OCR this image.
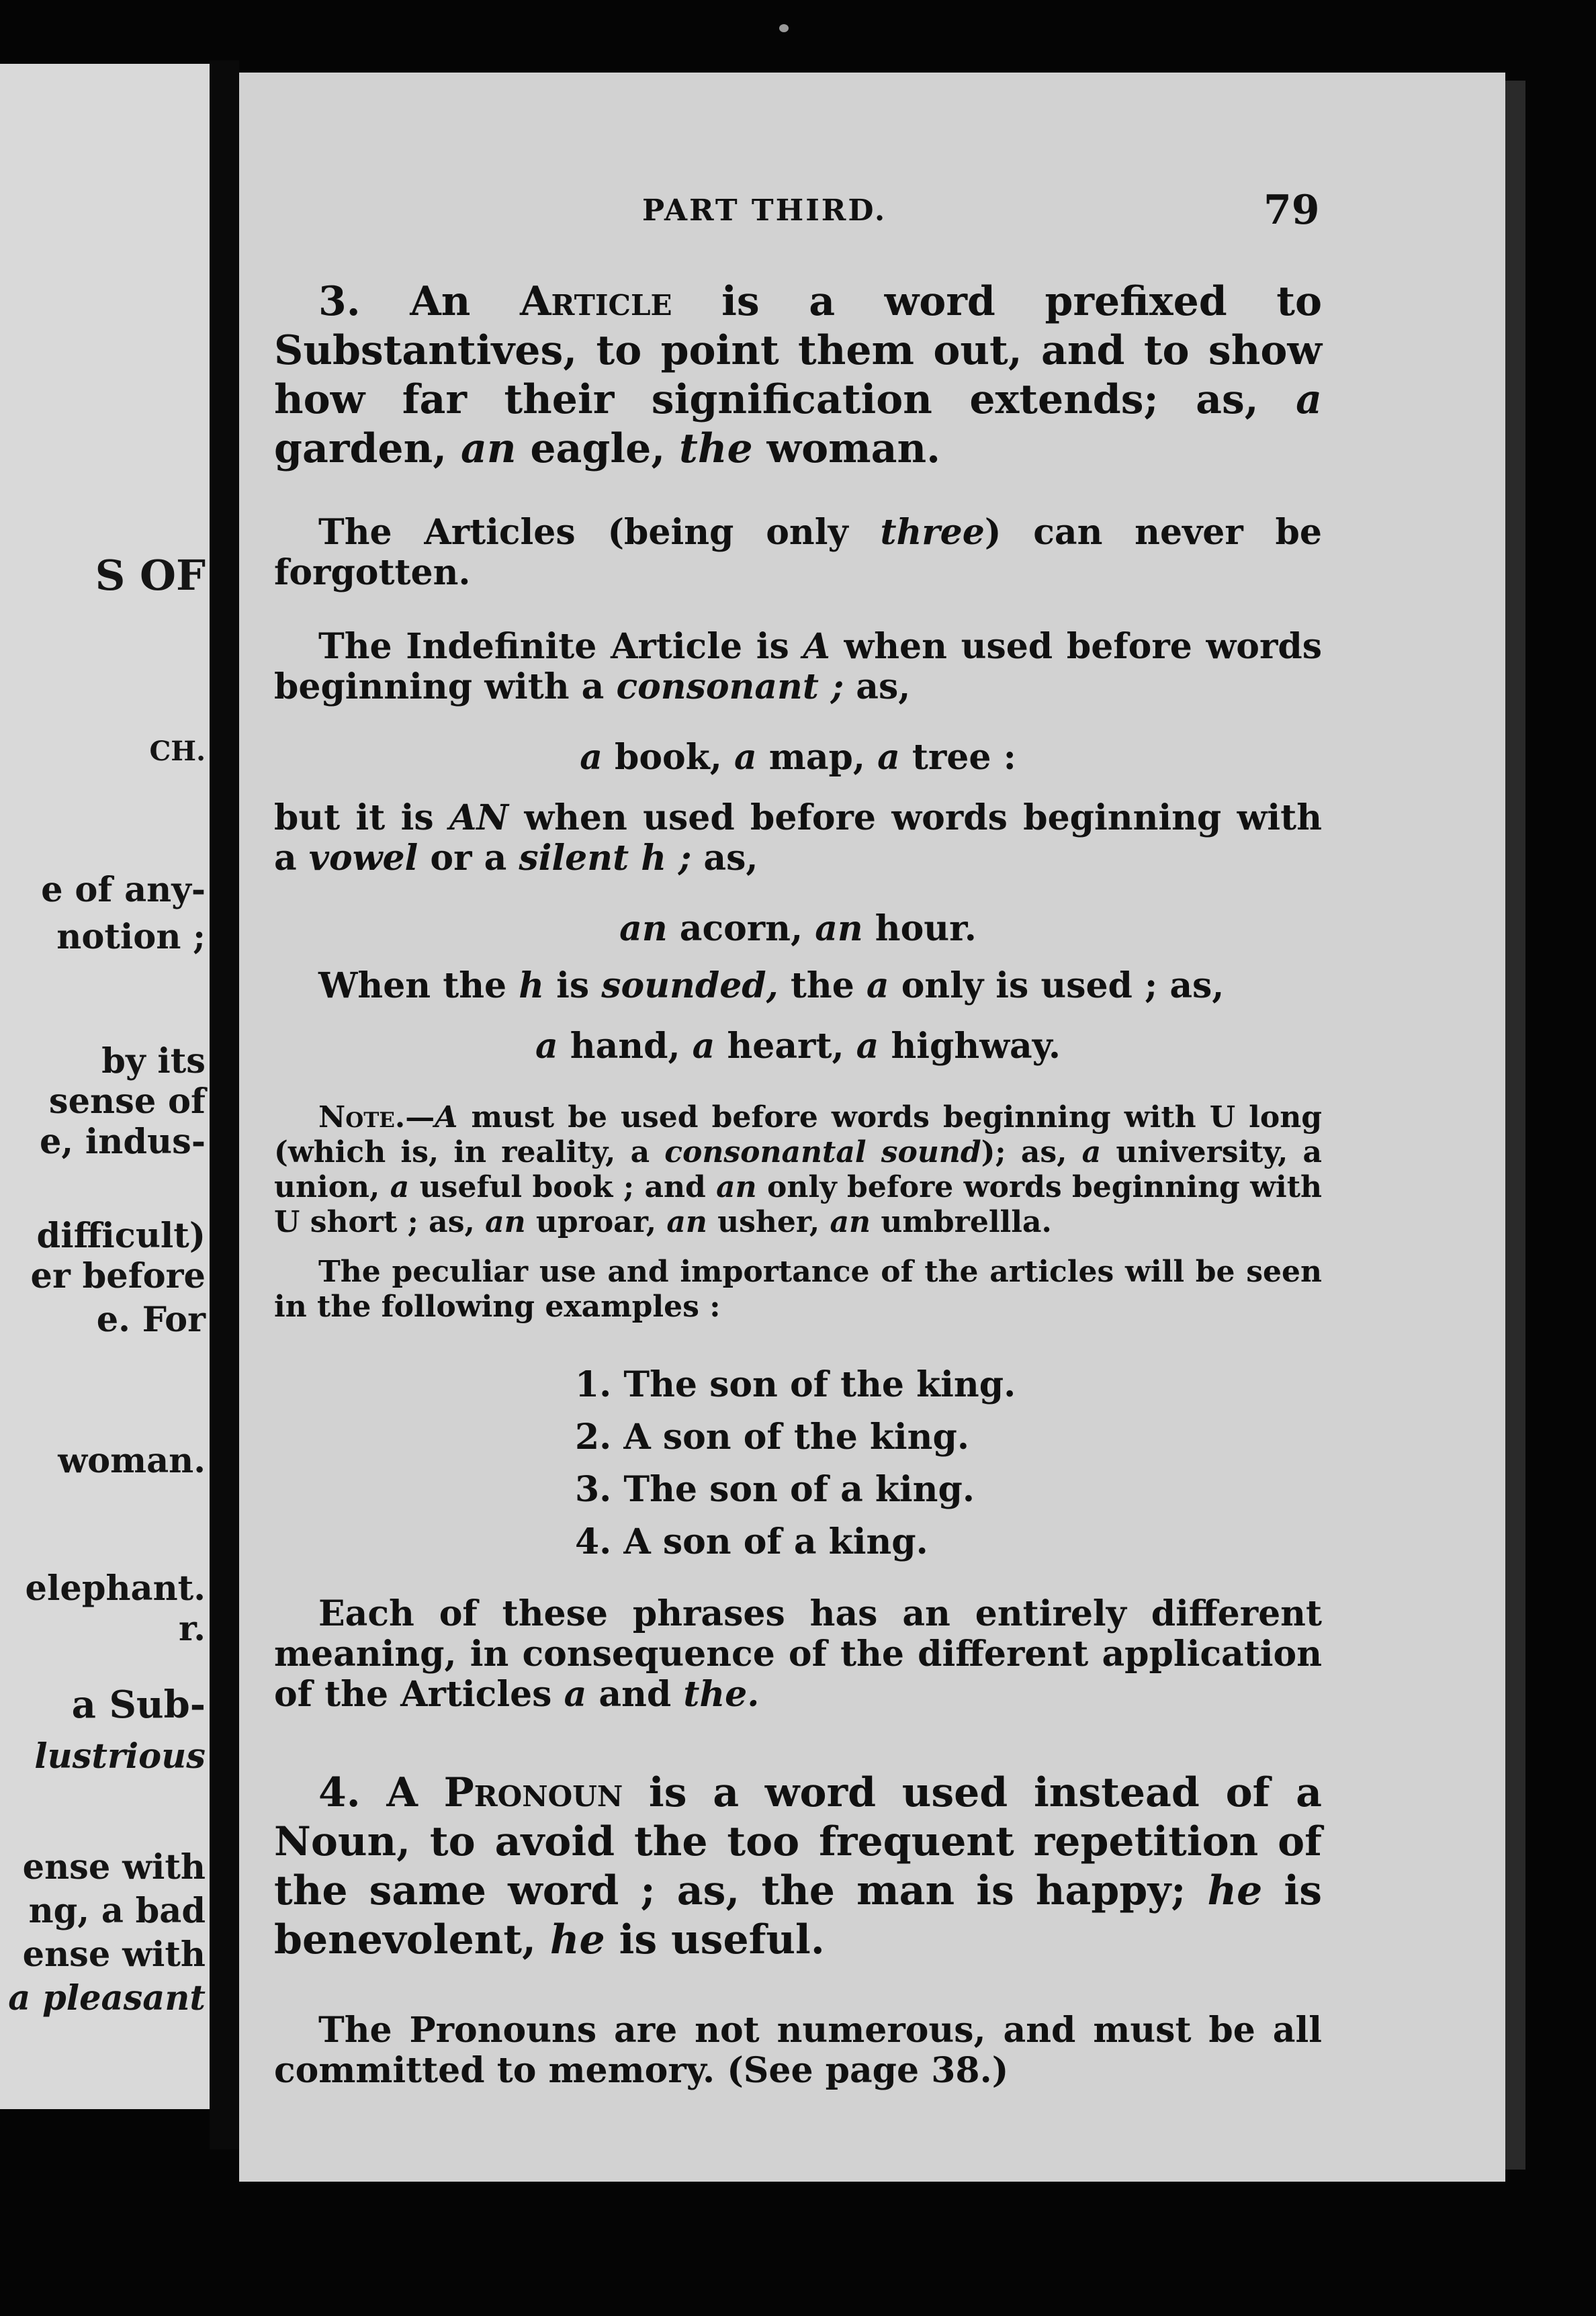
S OF
CH.
e of any-
notion ;
by its
sense of
e, indus-
difficult)
er before
e. For
woman.
elephant.
r.
a Sub-
lustrious
ense with
ng, a bad
ense with
a pleasant
PART THIRD.	79
3. An Article is a word prefixed to Substantives, to point them out, and to show how far their signification extends; as, a garden, an eagle, the woman.
The Articles (being only three) can never be forgotten.
The Indefinite Article is A when used before words beginning with a consonant ; as,
a book, a map, a tree :
but it is AN when used before words beginning with a vowel or a silent h ; as,
an acorn, an hour.
When the h is sounded, the a only is used ; as,
a hand, a heart, a highway.
Note.—A must be used before words beginning with U long (which is, in reality, a consonantal sound); as, a university, a union, a useful book ; and an only before words beginning with U short ; as, an uproar, an usher, an umbrellla.
The peculiar use and importance of the articles will be seen in the following examples :
1. The son of the king.
2. A son of the king.
3. The son of a king.
4. A son of a king.
Each of these phrases has an entirely different meaning, in consequence of the different application of the Articles a and the.
4. A Pronoun is a word used instead of a Noun, to avoid the too frequent repetition of the same word ; as, the man is happy; he is benevolent, he is useful.
The Pronouns are not numerous, and must be all committed to memory. (See page 38.)
